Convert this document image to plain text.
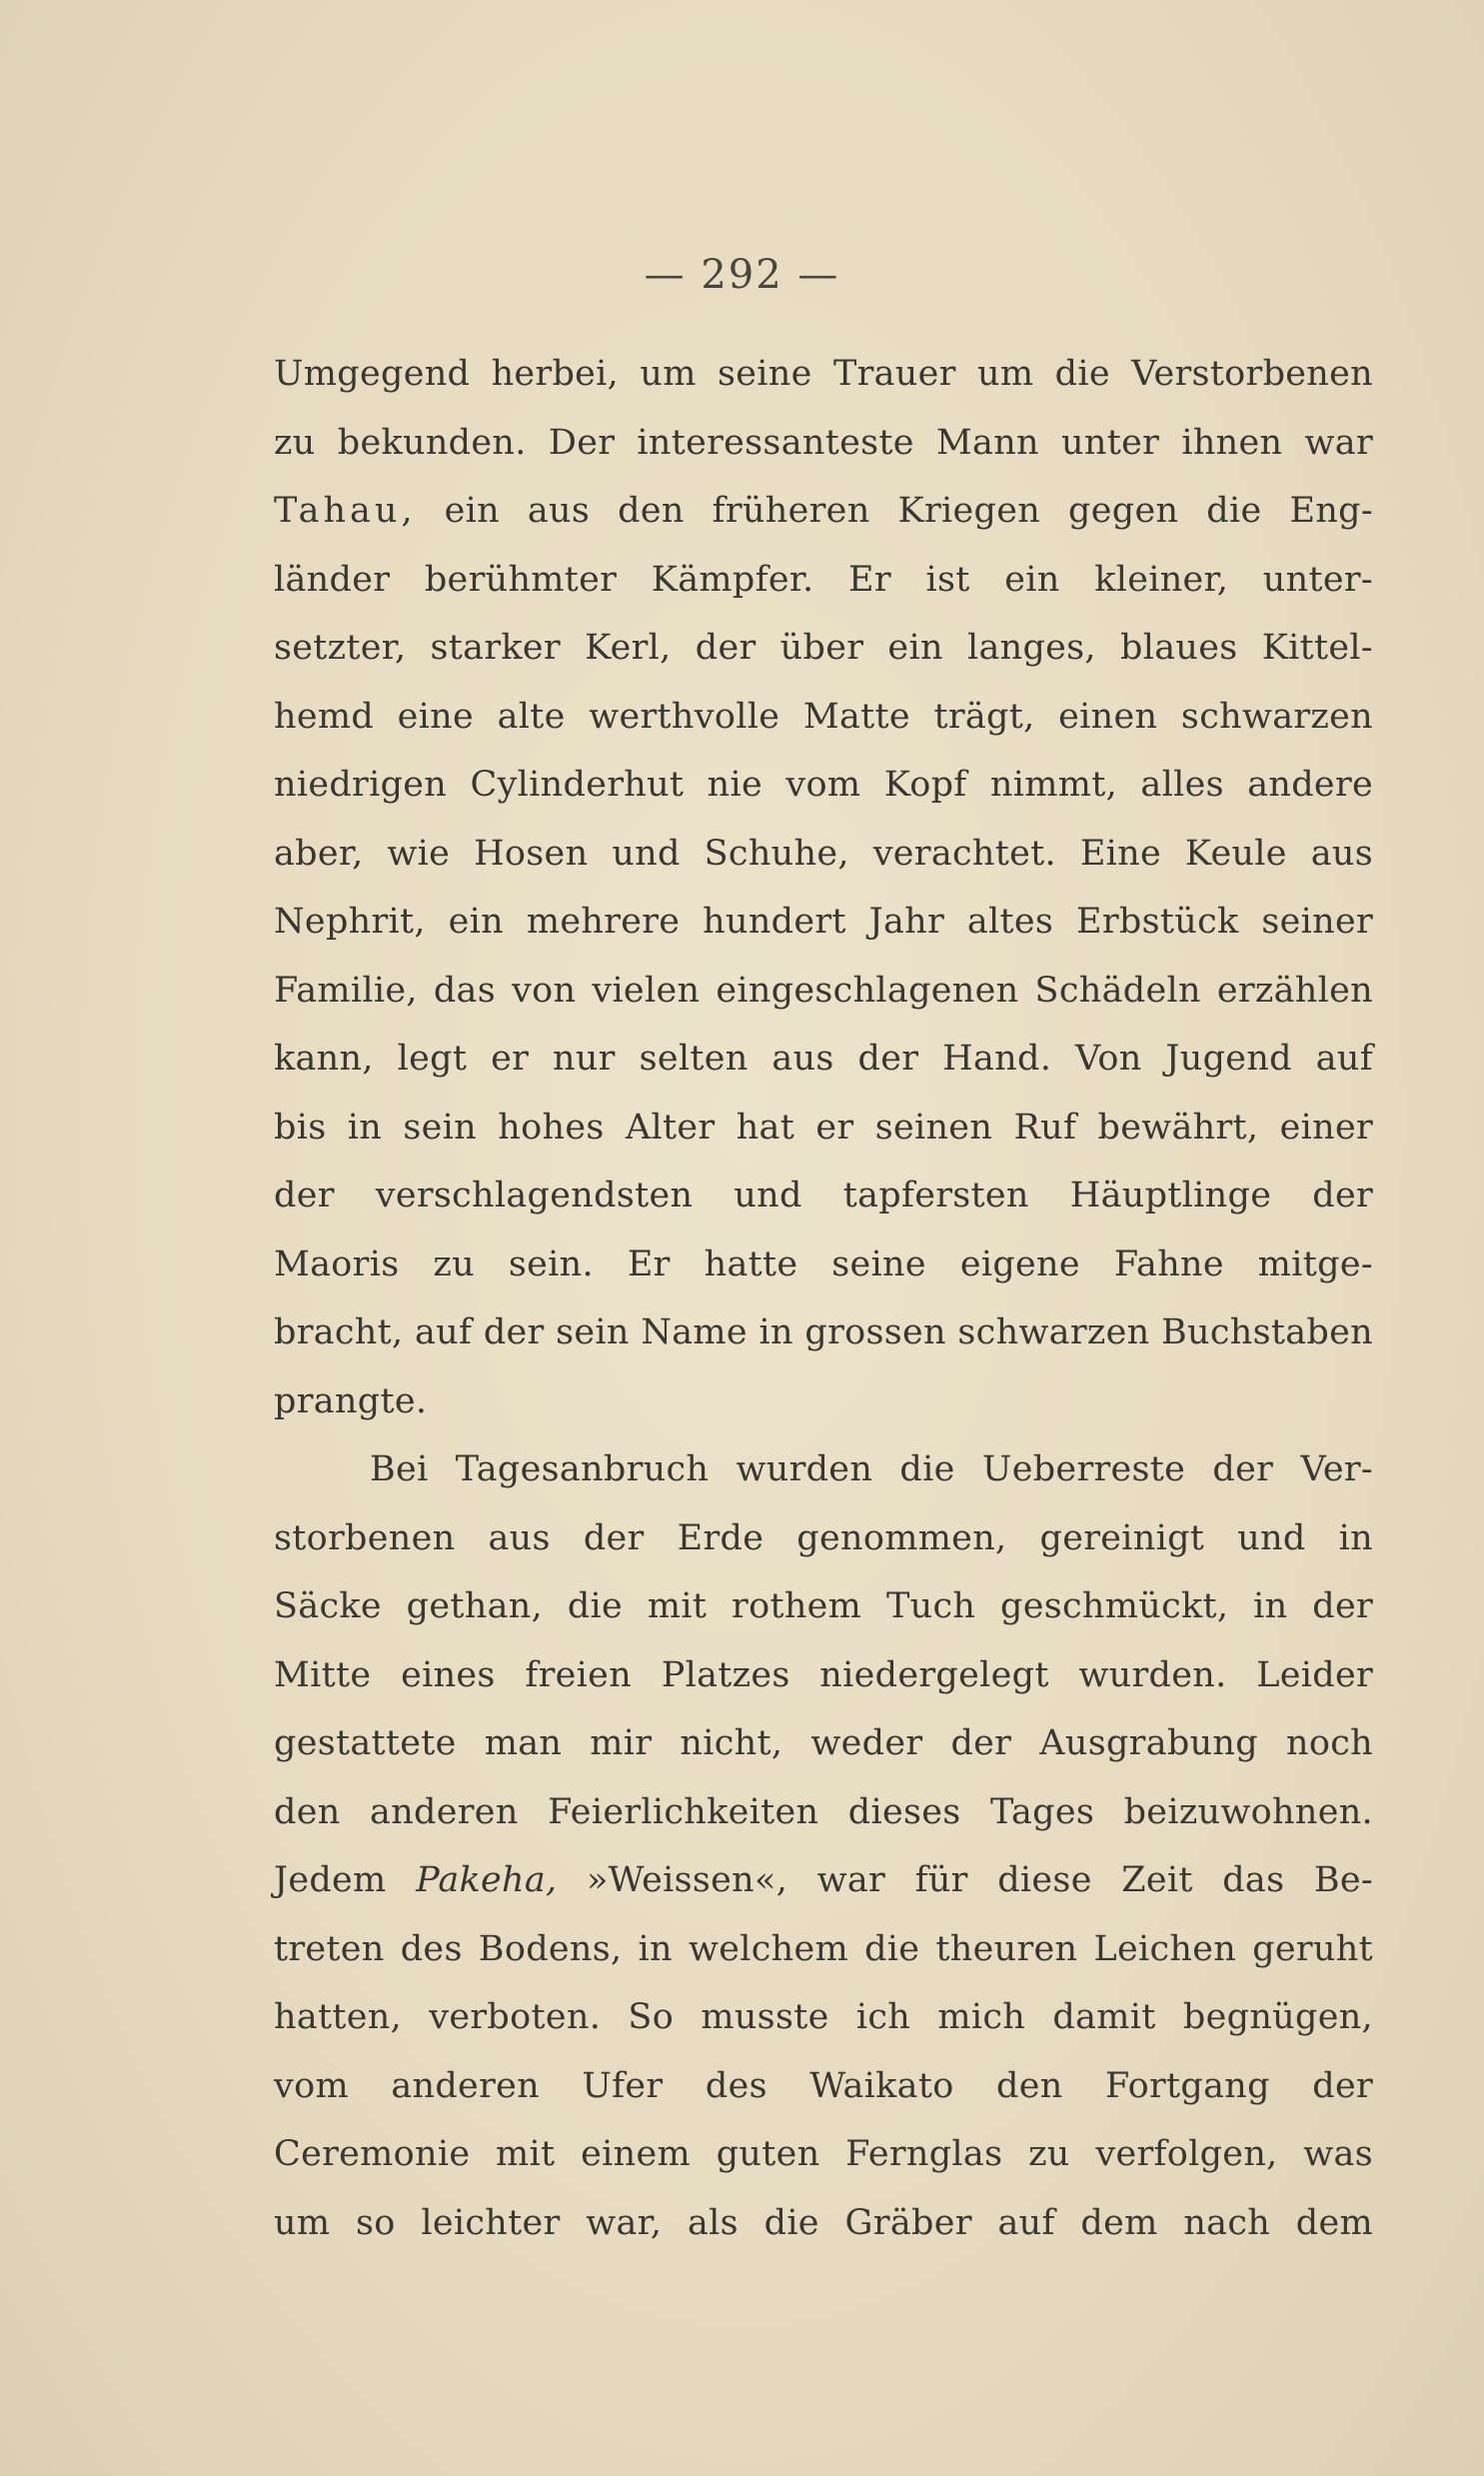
— 292 —
Umgegend herbei, um seine Trauer um die Verstorbenen
zu bekunden. Der interessanteste Mann unter ihnen war
Tahau, ein aus den früheren Kriegen gegen die Eng-
länder berühmter Kämpfer. Er ist ein kleiner, unter-
setzter, starker Kerl, der über ein langes, blaues Kittel-
hemd eine alte werthvolle Matte trägt, einen schwarzen
niedrigen Cylinderhut nie vom Kopf nimmt, alles andere
aber, wie Hosen und Schuhe, verachtet. Eine Keule aus
Nephrit, ein mehrere hundert Jahr altes Erbstück seiner
Familie, das von vielen eingeschlagenen Schädeln erzählen
kann, legt er nur selten aus der Hand. Von Jugend auf
bis in sein hohes Alter hat er seinen Ruf bewährt, einer
der verschlagendsten und tapfersten Häuptlinge der
Maoris zu sein. Er hatte seine eigene Fahne mitge-
bracht, auf der sein Name in grossen schwarzen Buchstaben
prangte.
Bei Tagesanbruch wurden die Ueberreste der Ver-
storbenen aus der Erde genommen, gereinigt und in
Säcke gethan, die mit rothem Tuch geschmückt, in der
Mitte eines freien Platzes niedergelegt wurden. Leider
gestattete man mir nicht, weder der Ausgrabung noch
den anderen Feierlichkeiten dieses Tages beizuwohnen.
Jedem Pakeha, »Weissen«, war für diese Zeit das Be-
treten des Bodens, in welchem die theuren Leichen geruht
hatten, verboten. So musste ich mich damit begnügen,
vom anderen Ufer des Waikato den Fortgang der
Ceremonie mit einem guten Fernglas zu verfolgen, was
um so leichter war, als die Gräber auf dem nach dem
